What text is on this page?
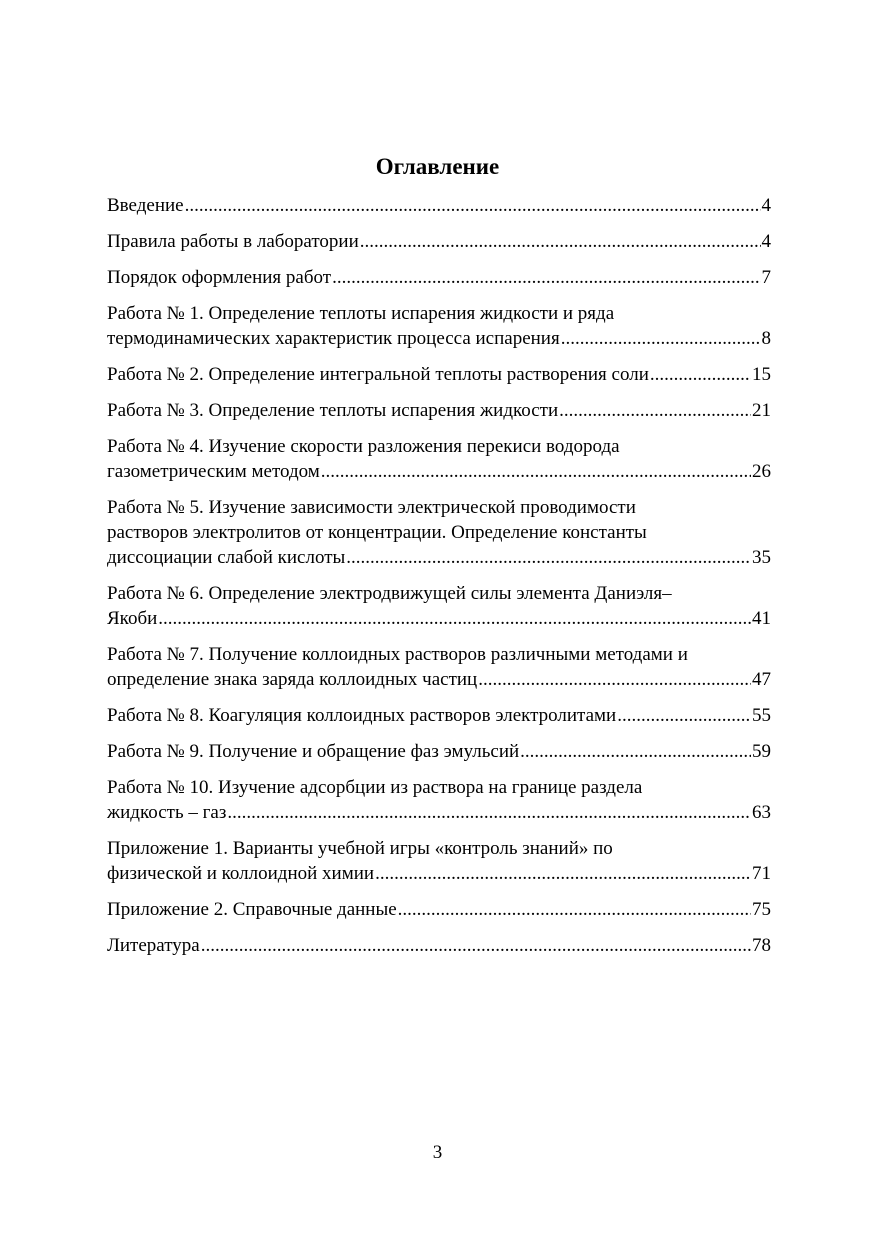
Оглавление
Введение .....	4
Правила работы в лаборатории .....	4
Порядок оформления работ .....	7
Работа № 1. Определение теплоты испарения жидкости и ряда
термодинамических характеристик процесса испарения .....	8
Работа № 2. Определение интегральной теплоты растворения соли .....	15
Работа № 3. Определение теплоты испарения жидкости .....	21
Работа № 4. Изучение скорости разложения перекиси водорода
газометрическим методом .....	26
Работа № 5. Изучение зависимости электрической проводимости
растворов электролитов от концентрации. Определение константы
диссоциации слабой кислоты .....	35
Работа № 6. Определение электродвижущей силы элемента Даниэля–
Якоби .....	41
Работа № 7. Получение коллоидных растворов различными методами и
определение знака заряда коллоидных частиц .....	47
Работа № 8. Коагуляция коллоидных растворов электролитами .....	55
Работа № 9. Получение и обращение фаз эмульсий .....	59
Работа № 10. Изучение адсорбции из раствора на границе раздела
жидкость – газ .....	63
Приложение 1. Варианты учебной игры «контроль знаний» по
физической и коллоидной химии .....	71
Приложение 2. Справочные данные .....	75
Литература .....	78
3
